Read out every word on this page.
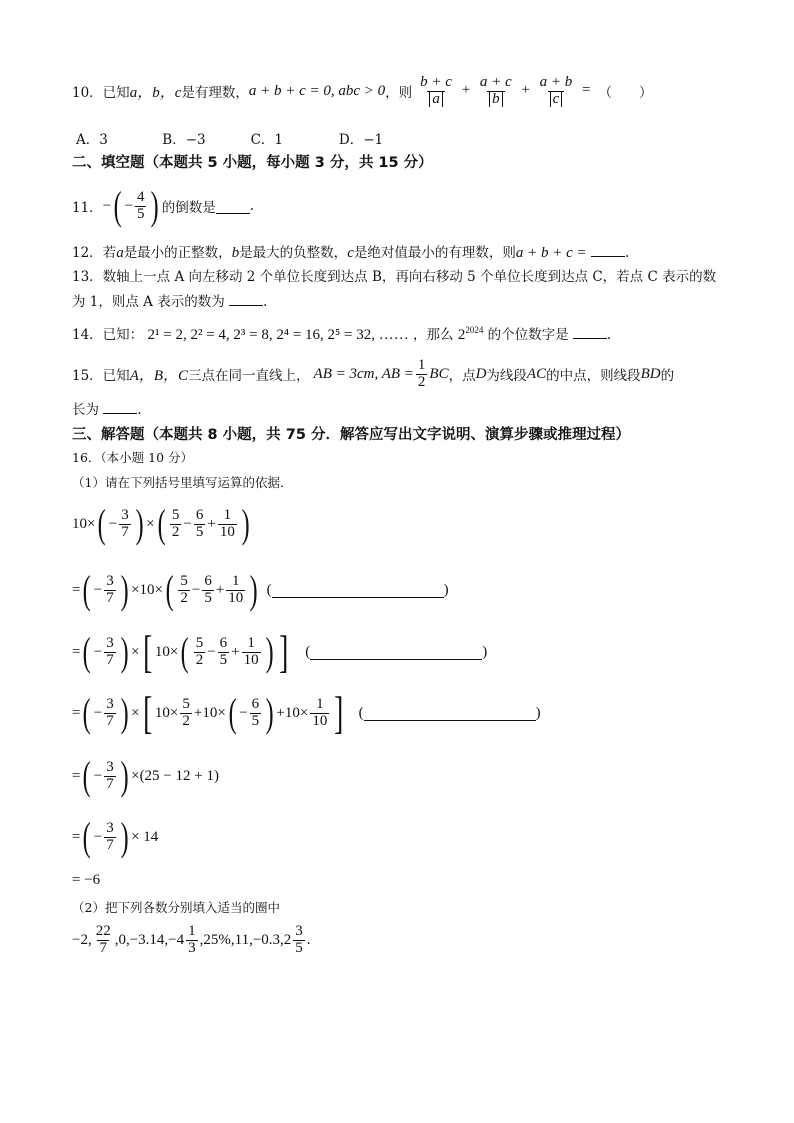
10．已知 a，b，c 是有理数， a + b + c = 0, abc > 0 ，则 $\frac{b + c}{a} + \frac{a + c}{b} + \frac{a + b}{c}$ = （　　）
A．3	B．−3	C．1	D．−1
二、填空题（本题共 5 小题，每小题 3 分，共 15 分）
11． − ( − $\frac{4}{5}$ ) 的倒数是	.
12．若a是最小的正整数，b是最大的负整数，c是绝对值最小的有理数，则a + b + c =	.
13．数轴上一点 A 向左移动 2 个单位长度到达点 B，再向右移动 5 个单位长度到达点 C，若点 C 表示的数
为 1，则点 A 表示的数为	.
14．已知： 2¹ = 2, 2² = 4, 2³ = 8, 2⁴ = 16, 2⁵ = 32, …… ，那么 $2^{2024}$ 的个位数字是	.
15．已知 A，B，C 三点在同一直线上， AB = 3cm, AB = $\frac{1}{2}$ BC ，点 D 为线段 AC 的中点，则线段 BD 的
长为	.
三、解答题（本题共 8 小题，共 75 分．解答应写出文字说明、演算步骤或推理过程）
16．（本小题 10 分）
（1）请在下列括号里填写运算的依据．
10× ( − $\frac{3}{7}$ ) × ( $\frac{5}{2} - \frac{6}{5} + \frac{1}{10}$ )
= ( − $\frac{3}{7}$ ) ×10× ( $\frac{5}{2} - \frac{6}{5} + \frac{1}{10}$ ) (	)
= ( − $\frac{3}{7}$ ) × [ 10× ( $\frac{5}{2} - \frac{6}{5} + \frac{1}{10}$ ) ] (	)
= ( − $\frac{3}{7}$ ) × [ $10\times \frac{5}{2} +10\times$ ( − $\frac{6}{5}$ ) $+10\times \frac{1}{10}$ ] (	)
= ( − $\frac{3}{7}$ ) × (25 − 12 + 1)
= ( − $\frac{3}{7}$ ) × 14
= −6
（2）把下列各数分别填入适当的圈中
−2, $\frac{22}{7} ,0,-3.14,-4 \frac{1}{3} ,25\%,11,-0.3,2 \frac{3}{5}$ .
